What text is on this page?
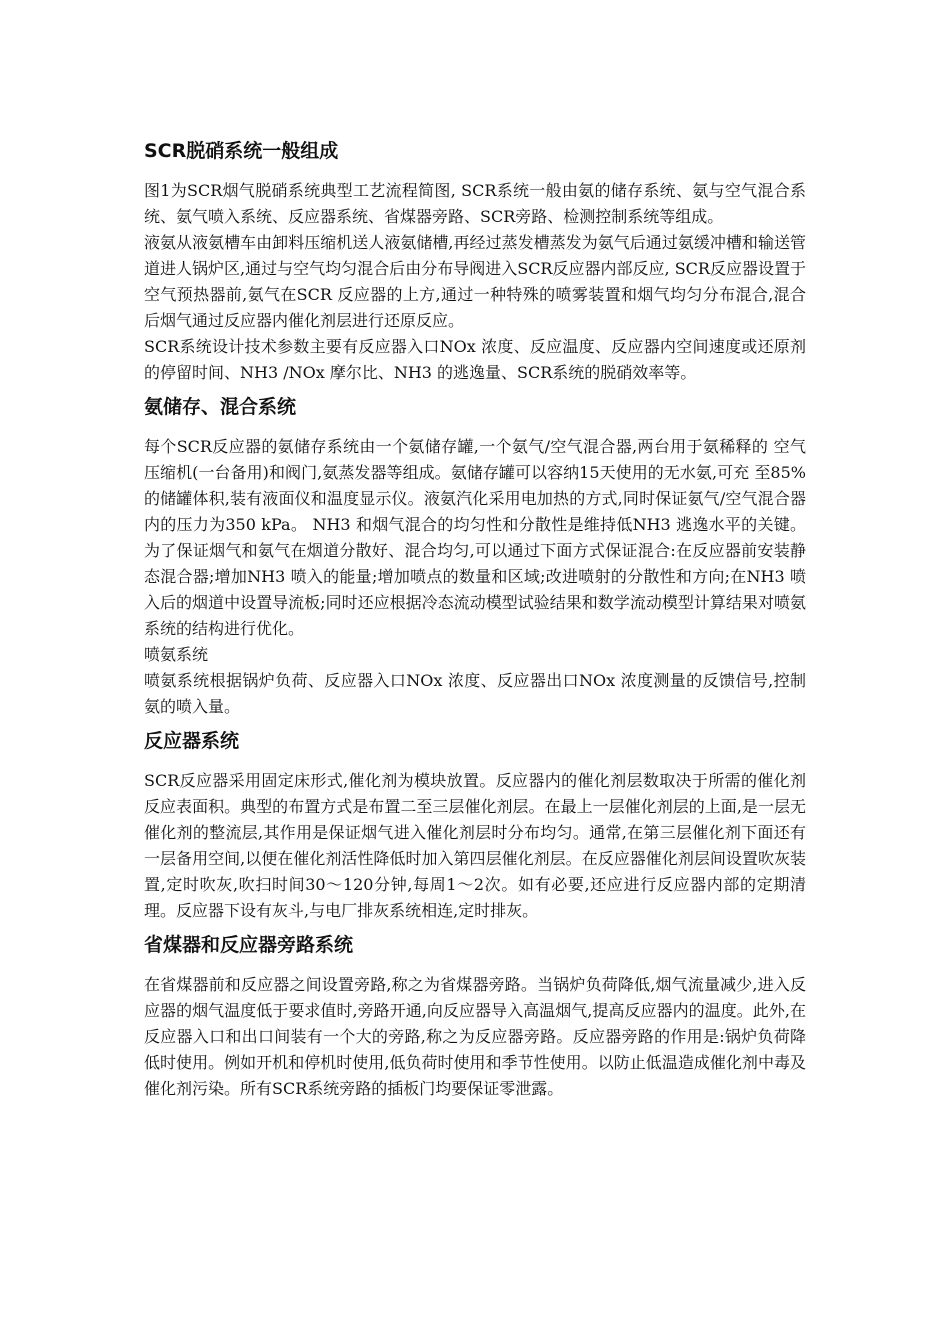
SCR脱硝系统一般组成

图1为SCR烟气脱硝系统典型工艺流程简图, SCR系统一般由氨的储存系统、氨与空气混合系统、氨气喷入系统、反应器系统、省煤器旁路、SCR旁路、检测控制系统等组成。

液氨从液氨槽车由卸料压缩机送人液氨储槽,再经过蒸发槽蒸发为氨气后通过氨缓冲槽和输送管道进人锅炉区,通过与空气均匀混合后由分布导阀进入SCR反应器内部反应, SCR反应器设置于空气预热器前,氨气在SCR 反应器的上方,通过一种特殊的喷雾装置和烟气均匀分布混合,混合后烟气通过反应器内催化剂层进行还原反应。

SCR系统设计技术参数主要有反应器入口NOx 浓度、反应温度、反应器内空间速度或还原剂的停留时间、NH3 /NOx 摩尔比、NH3 的逃逸量、SCR系统的脱硝效率等。

氨储存、混合系统

每个SCR反应器的氨储存系统由一个氨储存罐,一个氨气/空气混合器,两台用于氨稀释的 空气压缩机(一台备用)和阀门,氨蒸发器等组成。氨储存罐可以容纳15天使用的无水氨,可充 至85%的储罐体积,装有液面仪和温度显示仪。液氨汽化采用电加热的方式,同时保证氨气/空气混合器内的压力为350 kPa。 NH3 和烟气混合的均匀性和分散性是维持低NH3 逃逸水平的关键。为了保证烟气和氨气在烟道分散好、混合均匀,可以通过下面方式保证混合:在反应器前安装静态混合器;增加NH3 喷入的能量;增加喷点的数量和区域;改进喷射的分散性和方向;在NH3 喷入后的烟道中设置导流板;同时还应根据冷态流动模型试验结果和数学流动模型计算结果对喷氨系统的结构进行优化。

喷氨系统

喷氨系统根据锅炉负荷、反应器入口NOx 浓度、反应器出口NOx 浓度测量的反馈信号,控制 氨的喷入量。

反应器系统

SCR反应器采用固定床形式,催化剂为模块放置。反应器内的催化剂层数取决于所需的催化剂反应表面积。典型的布置方式是布置二至三层催化剂层。在最上一层催化剂层的上面,是一层无催化剂的整流层,其作用是保证烟气进入催化剂层时分布均匀。通常,在第三层催化剂下面还有一层备用空间,以便在催化剂活性降低时加入第四层催化剂层。在反应器催化剂层间设置吹灰装置,定时吹灰,吹扫时间30～120分钟,每周1～2次。如有必要,还应进行反应器内部的定期清理。反应器下设有灰斗,与电厂排灰系统相连,定时排灰。

省煤器和反应器旁路系统

在省煤器前和反应器之间设置旁路,称之为省煤器旁路。当锅炉负荷降低,烟气流量减少,进入反应器的烟气温度低于要求值时,旁路开通,向反应器导入高温烟气,提高反应器内的温度。此外,在反应器入口和出口间装有一个大的旁路,称之为反应器旁路。反应器旁路的作用是:锅炉负荷降低时使用。例如开机和停机时使用,低负荷时使用和季节性使用。以防止低温造成催化剂中毒及催化剂污染。所有SCR系统旁路的插板门均要保证零泄露。
